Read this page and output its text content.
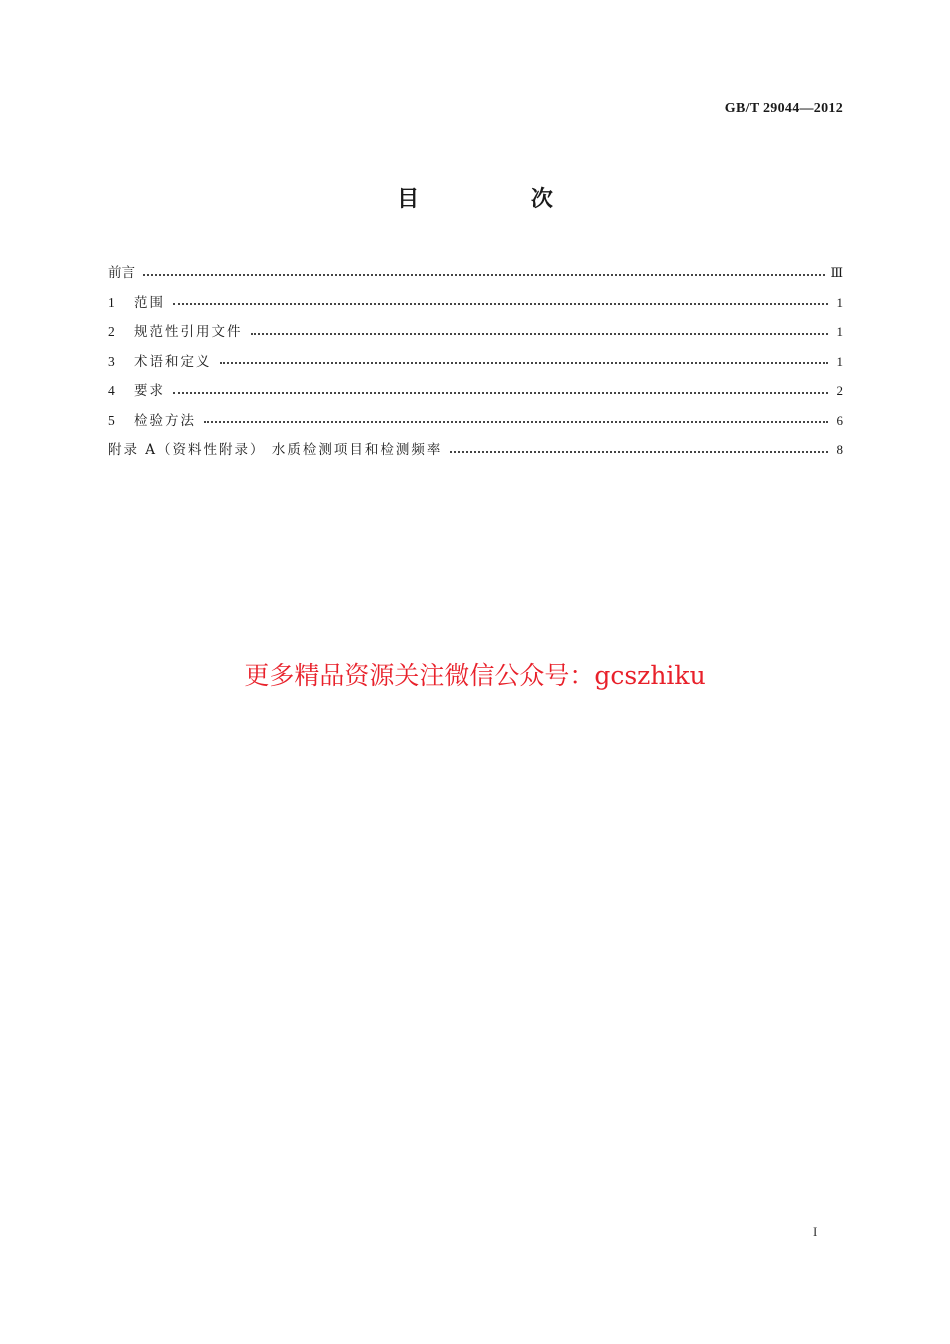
GB/T 29044—2012
目 次
前言	Ⅲ
1	范围	1
2	规范性引用文件	1
3	术语和定义	1
4	要求	2
5	检验方法	6
附录 A（资料性附录） 水质检测项目和检测频率	8
更多精品资源关注微信公众号：gcszhiku
I
